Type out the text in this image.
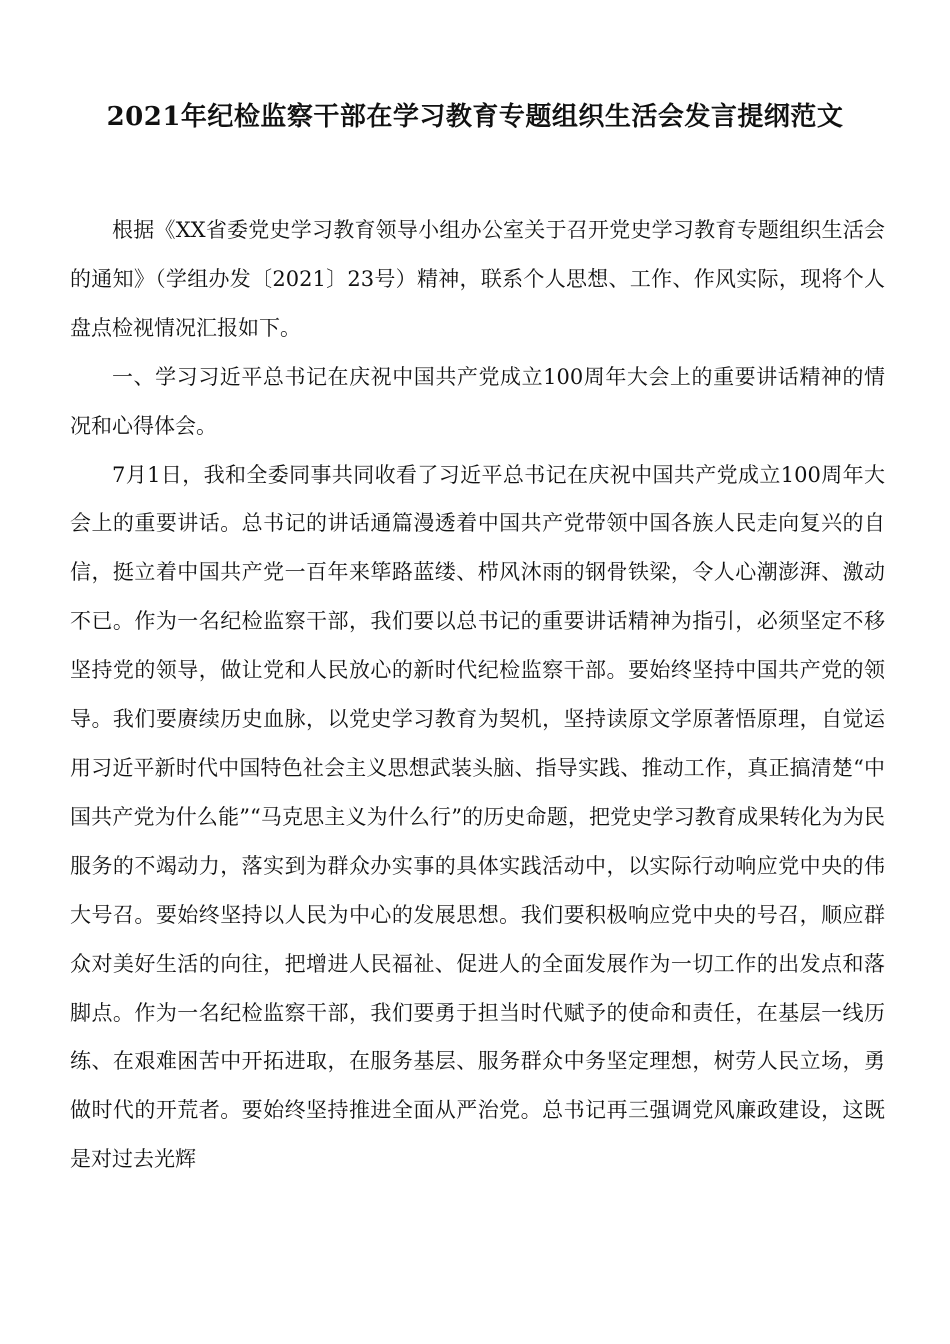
2021年纪检监察干部在学习教育专题组织生活会发言提纲范文

根据《XX省委党史学习教育领导小组办公室关于召开党史学习教育专题组织生活会的通知》（学组办发〔2021〕23号）精神，联系个人思想、工作、作风实际，现将个人盘点检视情况汇报如下。

一、学习习近平总书记在庆祝中国共产党成立100周年大会上的重要讲话精神的情况和心得体会。

7月1日，我和全委同事共同收看了习近平总书记在庆祝中国共产党成立100周年大会上的重要讲话。总书记的讲话通篇漫透着中国共产党带领中国各族人民走向复兴的自信，挺立着中国共产党一百年来筚路蓝缕、栉风沐雨的钢骨铁梁，令人心潮澎湃、激动不已。作为一名纪检监察干部，我们要以总书记的重要讲话精神为指引，必须坚定不移坚持党的领导，做让党和人民放心的新时代纪检监察干部。要始终坚持中国共产党的领导。我们要赓续历史血脉，以党史学习教育为契机，坚持读原文学原著悟原理，自觉运用习近平新时代中国特色社会主义思想武装头脑、指导实践、推动工作，真正搞清楚“中国共产党为什么能”“马克思主义为什么行”的历史命题，把党史学习教育成果转化为为民服务的不竭动力，落实到为群众办实事的具体实践活动中，以实际行动响应党中央的伟大号召。要始终坚持以人民为中心的发展思想。我们要积极响应党中央的号召，顺应群众对美好生活的向往，把增进人民福祉、促进人的全面发展作为一切工作的出发点和落脚点。作为一名纪检监察干部，我们要勇于担当时代赋予的使命和责任，在基层一线历练、在艰难困苦中开拓进取，在服务基层、服务群众中务坚定理想，树劳人民立场，勇做时代的开荒者。要始终坚持推进全面从严治党。总书记再三强调党风廉政建设，这既是对过去光辉
